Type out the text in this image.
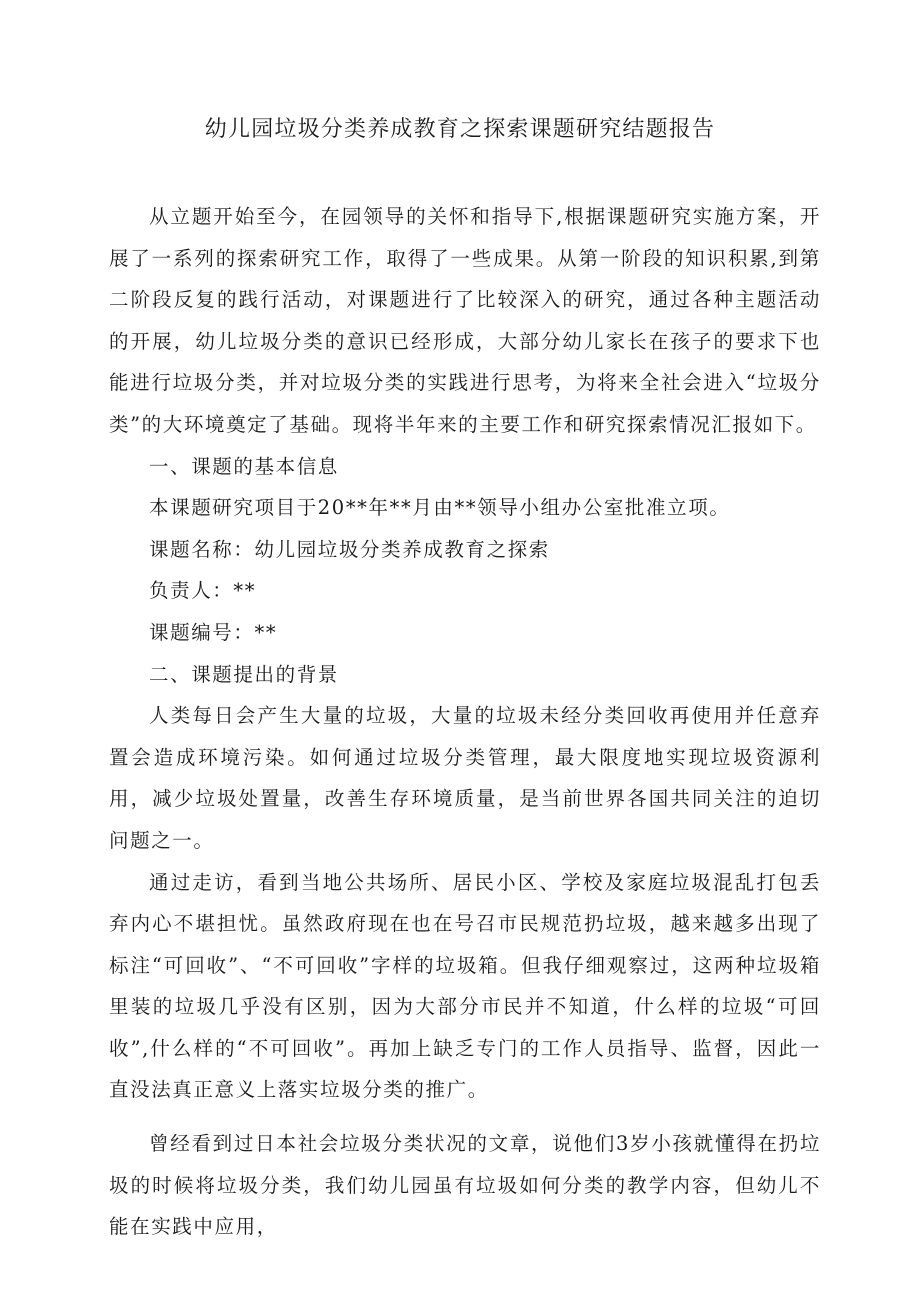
幼儿园垃圾分类养成教育之探索课题研究结题报告

从立题开始至今，在园领导的关怀和指导下,根据课题研究实施方案，开展了一系列的探索研究工作，取得了一些成果。从第一阶段的知识积累,到第二阶段反复的践行活动，对课题进行了比较深入的研究，通过各种主题活动的开展，幼儿垃圾分类的意识已经形成，大部分幼儿家长在孩子的要求下也能进行垃圾分类，并对垃圾分类的实践进行思考，为将来全社会进入“垃圾分类”的大环境奠定了基础。现将半年来的主要工作和研究探索情况汇报如下。

一、课题的基本信息

本课题研究项目于20**年**月由**领导小组办公室批准立项。

课题名称：幼儿园垃圾分类养成教育之探索

负责人：**

课题编号：**

二、课题提出的背景

人类每日会产生大量的垃圾，大量的垃圾未经分类回收再使用并任意弃置会造成环境污染。如何通过垃圾分类管理，最大限度地实现垃圾资源利用，减少垃圾处置量，改善生存环境质量，是当前世界各国共同关注的迫切问题之一。

通过走访，看到当地公共场所、居民小区、学校及家庭垃圾混乱打包丢弃内心不堪担忧。虽然政府现在也在号召市民规范扔垃圾，越来越多出现了标注“可回收”、“不可回收”字样的垃圾箱。但我仔细观察过，这两种垃圾箱里装的垃圾几乎没有区别，因为大部分市民并不知道，什么样的垃圾“可回收”,什么样的“不可回收”。再加上缺乏专门的工作人员指导、监督，因此一直没法真正意义上落实垃圾分类的推广。

曾经看到过日本社会垃圾分类状况的文章，说他们3岁小孩就懂得在扔垃圾的时候将垃圾分类，我们幼儿园虽有垃圾如何分类的教学内容，但幼儿不能在实践中应用，
